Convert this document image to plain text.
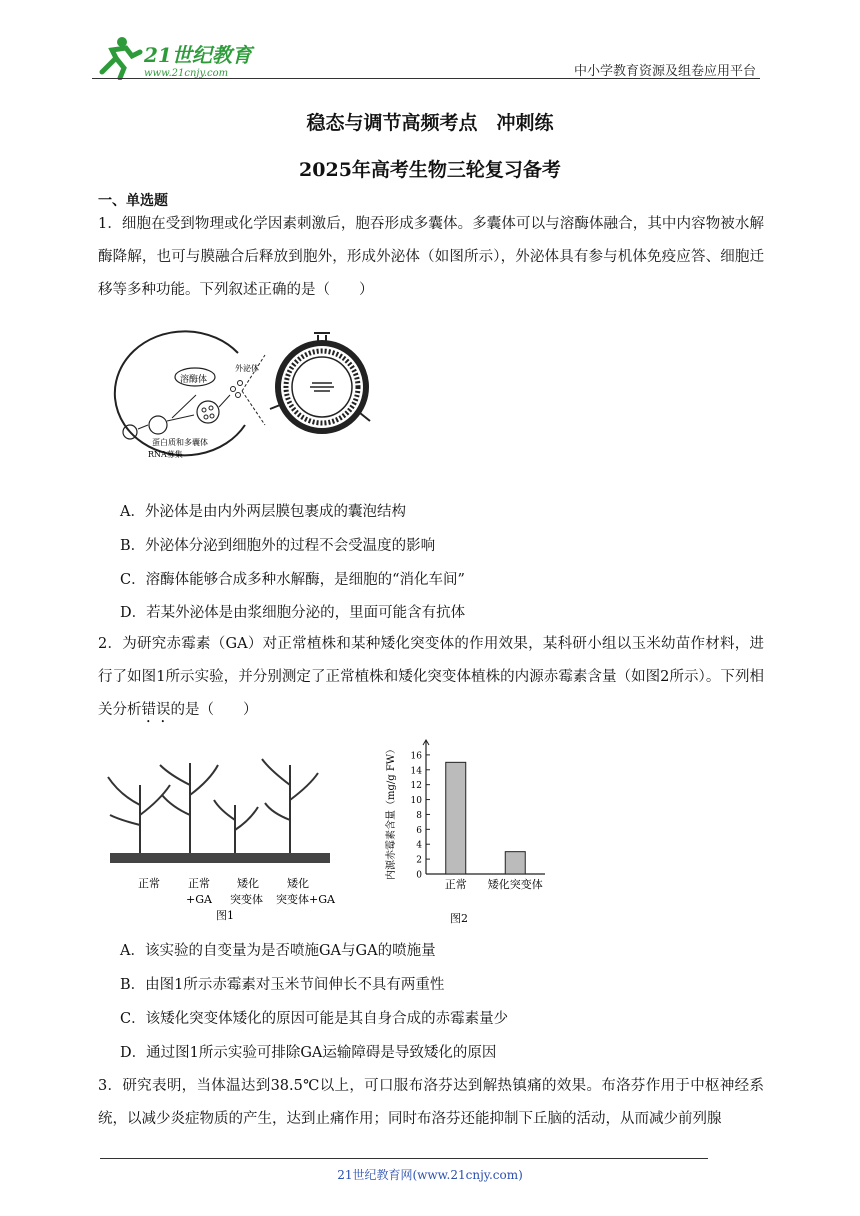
21世纪教育
www.21cnjy.com	中小学教育资源及组卷应用平台
稳态与调节高频考点　冲刺练
2025年高考生物三轮复习备考
一、单选题
1．细胞在受到物理或化学因素刺激后，胞吞形成多囊体。多囊体可以与溶酶体融合，其中内容物被水解酶降解，也可与膜融合后释放到胞外，形成外泌体（如图所示），外泌体具有参与机体免疫应答、细胞迁移等多种功能。下列叙述正确的是（　　）
溶酶体
外泌体
蛋白质和多囊体
RNA募集
A．外泌体是由内外两层膜包裹成的囊泡结构
B．外泌体分泌到细胞外的过程不会受温度的影响
C．溶酶体能够合成多种水解酶，是细胞的“消化车间”
D．若某外泌体是由浆细胞分泌的，里面可能含有抗体
2．为研究赤霉素（GA）对正常植株和某种矮化突变体的作用效果，某科研小组以玉米幼苗作材料，进行了如图1所示实验，并分别测定了正常植株和矮化突变体植株的内源赤霉素含量（如图2所示）。下列相关分析错误的是（　　）
正常	正常
+GA
矮化
突变体
矮化
突变体+GA
图1
内源赤霉素含量（mg/g FW） 0
2
4
6
8
10
12
14
16
正常 矮化突变体
图2
A．该实验的自变量为是否喷施GA与GA的喷施量
B．由图1所示赤霉素对玉米节间伸长不具有两重性
C．该矮化突变体矮化的原因可能是其自身合成的赤霉素量少
D．通过图1所示实验可排除GA运输障碍是导致矮化的原因
3．研究表明，当体温达到38.5℃以上，可口服布洛芬达到解热镇痛的效果。布洛芬作用于中枢神经系统，以减少炎症物质的产生，达到止痛作用；同时布洛芬还能抑制下丘脑的活动，从而减少前列腺
21世纪教育网(www.21cnjy.com)
